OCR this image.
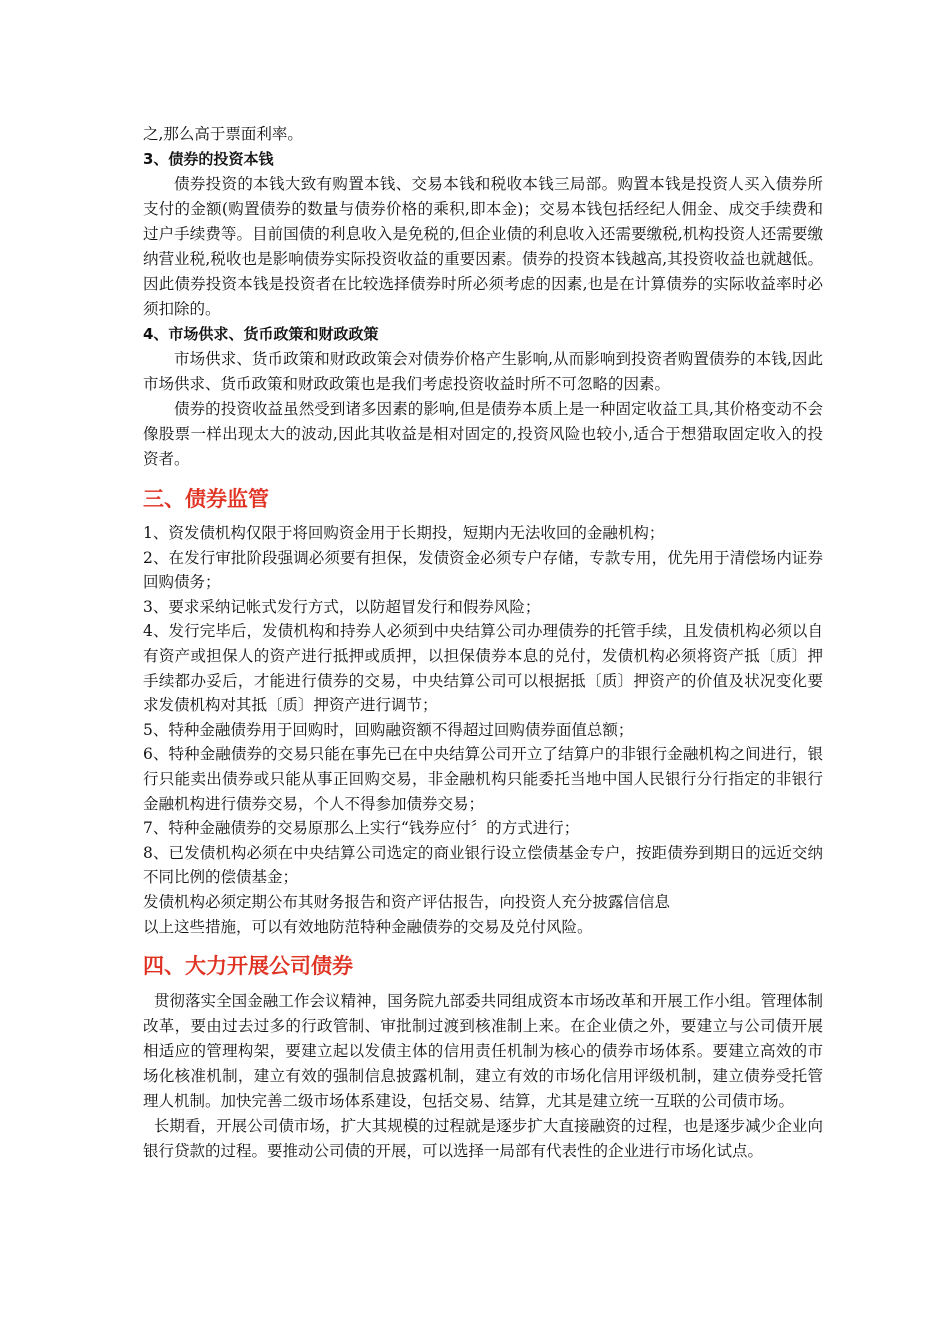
之,那么高于票面利率。

3、债券的投资本钱

债券投资的本钱大致有购置本钱、交易本钱和税收本钱三局部。购置本钱是投资人买入债券所支付的金额(购置债券的数量与债券价格的乘积,即本金)；交易本钱包括经纪人佣金、成交手续费和过户手续费等。目前国债的利息收入是免税的,但企业债的利息收入还需要缴税,机构投资人还需要缴纳营业税,税收也是影响债券实际投资收益的重要因素。债券的投资本钱越高,其投资收益也就越低。因此债券投资本钱是投资者在比较选择债券时所必须考虑的因素,也是在计算债券的实际收益率时必须扣除的。

4、市场供求、货币政策和财政政策

市场供求、货币政策和财政政策会对债券价格产生影响,从而影响到投资者购置债券的本钱,因此市场供求、货币政策和财政政策也是我们考虑投资收益时所不可忽略的因素。

债券的投资收益虽然受到诸多因素的影响,但是债券本质上是一种固定收益工具,其价格变动不会像股票一样出现太大的波动,因此其收益是相对固定的,投资风险也较小,适合于想猎取固定收入的投资者。

三、债券监管

1、资发债机构仅限于将回购资金用于长期投，短期内无法收回的金融机构；

2、在发行审批阶段强调必须要有担保，发债资金必须专户存储，专款专用，优先用于清偿场内证券回购债务；

3、要求采纳记帐式发行方式，以防超冒发行和假券风险；

4、发行完毕后，发债机构和持券人必须到中央结算公司办理债券的托管手续，且发债机构必须以自有资产或担保人的资产进行抵押或质押，以担保债券本息的兑付，发债机构必须将资产抵〔质〕押手续都办妥后，才能进行债券的交易，中央结算公司可以根据抵〔质〕押资产的价值及状况变化要求发债机构对其抵〔质〕押资产进行调节；

5、特种金融债券用于回购时，回购融资额不得超过回购债券面值总额；

6、特种金融债券的交易只能在事先已在中央结算公司开立了结算户的非银行金融机构之间进行，银行只能卖出债券或只能从事正回购交易，非金融机构只能委托当地中国人民银行分行指定的非银行金融机构进行债券交易，个人不得参加债券交易；

7、特种金融债券的交易原那么上实行“钱券应付〞的方式进行；

8、已发债机构必须在中央结算公司选定的商业银行设立偿债基金专户，按距债券到期日的远近交纳不同比例的偿债基金；

发债机构必须定期公布其财务报告和资产评估报告，向投资人充分披露信信息

以上这些措施，可以有效地防范特种金融债券的交易及兑付风险。

四、大力开展公司债券

贯彻落实全国金融工作会议精神，国务院九部委共同组成资本市场改革和开展工作小组。管理体制改革，要由过去过多的行政管制、审批制过渡到核准制上来。在企业债之外，要建立与公司债开展相适应的管理构架，要建立起以发债主体的信用责任机制为核心的债券市场体系。要建立高效的市场化核准机制，建立有效的强制信息披露机制，建立有效的市场化信用评级机制，建立债券受托管理人机制。加快完善二级市场体系建设，包括交易、结算，尤其是建立统一互联的公司债市场。

长期看，开展公司债市场，扩大其规模的过程就是逐步扩大直接融资的过程，也是逐步减少企业向银行贷款的过程。要推动公司债的开展，可以选择一局部有代表性的企业进行市场化试点。
